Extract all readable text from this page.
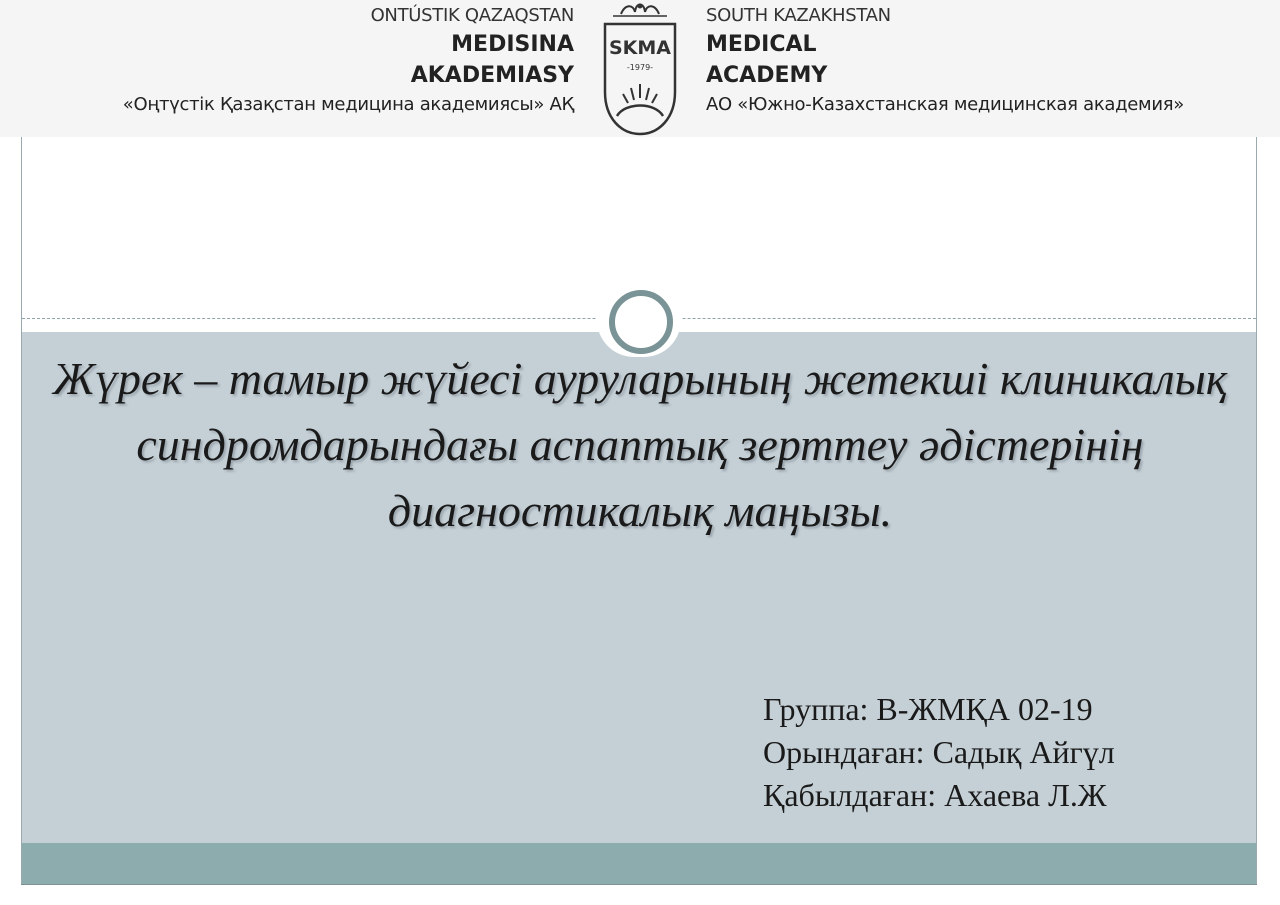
ONTÚSTIK QAZAQSTAN
MEDISINA
AKADEMIASY
«Оңтүстік Қазақстан медицина академиясы» АҚ
SKMA
-1979-
SOUTH KAZAKHSTAN
MEDICAL
ACADEMY
АО «Южно-Казахстанская медицинская академия»
Жүрек – тамыр жүйесі ауруларының жетекші клиникалық синдромдарындағы аспаптық зерттеу әдістерінің диагностикалық маңызы.
Группа: В-ЖМҚА 02-19
Орындаған: Садық Айгүл
Қабылдаған: Ахаева Л.Ж
